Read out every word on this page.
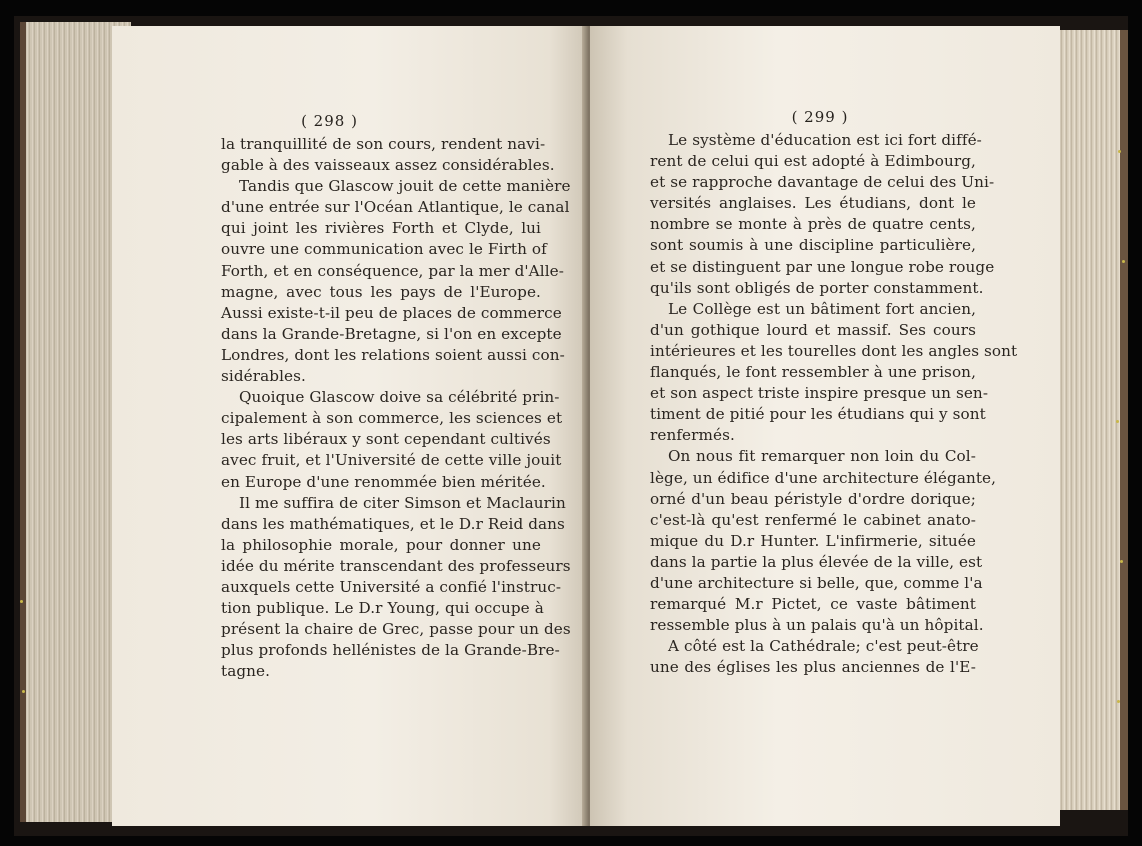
( 298 )

la tranquillité de son cours, rendent navi-
gable à des vaisseaux assez considérables.
Tandis que Glascow jouit de cette manière
d'une entrée sur l'Océan Atlantique, le canal
qui joint les rivières Forth et Clyde, lui
ouvre une communication avec le Firth of
Forth, et en conséquence, par la mer d'Alle-
magne, avec tous les pays de l'Europe.
Aussi existe-t-il peu de places de commerce
dans la Grande-Bretagne, si l'on en excepte
Londres, dont les relations soient aussi con-
sidérables.
Quoique Glascow doive sa célébrité prin-
cipalement à son commerce, les sciences et
les arts libéraux y sont cependant cultivés
avec fruit, et l'Université de cette ville jouit
en Europe d'une renommée bien méritée.
Il me suffira de citer Simson et Maclaurin
dans les mathématiques, et le D.r Reid dans
la philosophie morale, pour donner une
idée du mérite transcendant des professeurs
auxquels cette Université a confié l'instruc-
tion publique. Le D.r Young, qui occupe à
présent la chaire de Grec, passe pour un des
plus profonds hellénistes de la Grande-Bre-
tagne.

( 299 )

Le système d'éducation est ici fort diffé-
rent de celui qui est adopté à Edimbourg,
et se rapproche davantage de celui des Uni-
versités anglaises. Les étudians, dont le
nombre se monte à près de quatre cents,
sont soumis à une discipline particulière,
et se distinguent par une longue robe rouge
qu'ils sont obligés de porter constamment.
Le Collège est un bâtiment fort ancien,
d'un gothique lourd et massif. Ses cours
intérieures et les tourelles dont les angles sont
flanqués, le font ressembler à une prison,
et son aspect triste inspire presque un sen-
timent de pitié pour les étudians qui y sont
renfermés.
On nous fit remarquer non loin du Col-
lège, un édifice d'une architecture élégante,
orné d'un beau péristyle d'ordre dorique;
c'est-là qu'est renfermé le cabinet anato-
mique du D.r Hunter. L'infirmerie, située
dans la partie la plus élevée de la ville, est
d'une architecture si belle, que, comme l'a
remarqué M.r Pictet, ce vaste bâtiment
ressemble plus à un palais qu'à un hôpital.
A côté est la Cathédrale; c'est peut-être
une des églises les plus anciennes de l'E-
